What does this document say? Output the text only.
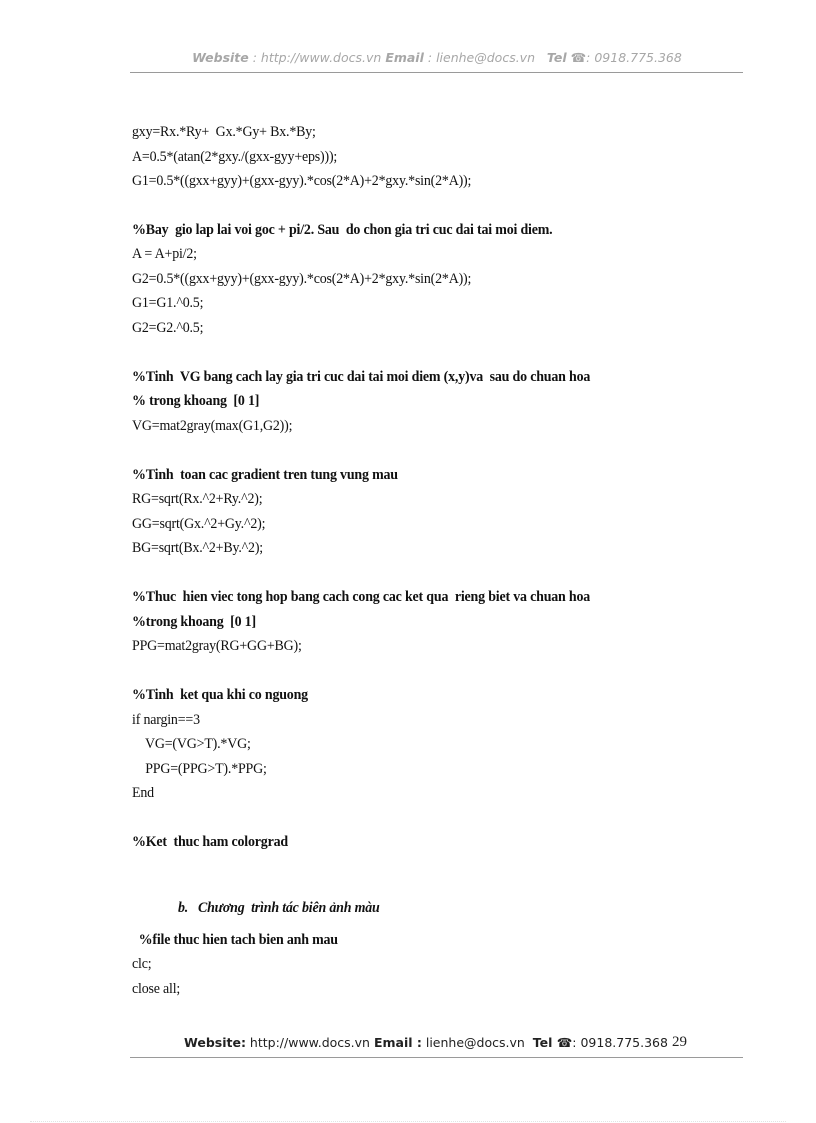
Website : http://www.docs.vn Email : lienhe@docs.vn Tel ☎: 0918.775.368
gxy=Rx.*Ry+  Gx.*Gy+ Bx.*By;
A=0.5*(atan(2*gxy./(gxx-gyy+eps)));
G1=0.5*((gxx+gyy)+(gxx-gyy).*cos(2*A)+2*gxy.*sin(2*A));
%Bay  gio lap lai voi goc + pi/2. Sau  do chon gia tri cuc dai tai moi diem.
A = A+pi/2;
G2=0.5*((gxx+gyy)+(gxx-gyy).*cos(2*A)+2*gxy.*sin(2*A));
G1=G1.^0.5;
G2=G2.^0.5;
%Tinh  VG bang cach lay gia tri cuc dai tai moi diem (x,y)va  sau do chuan hoa
% trong khoang  [0 1]
VG=mat2gray(max(G1,G2));
%Tinh  toan cac gradient tren tung vung mau
RG=sqrt(Rx.^2+Ry.^2);
GG=sqrt(Gx.^2+Gy.^2);
BG=sqrt(Bx.^2+By.^2);
%Thuc  hien viec tong hop bang cach cong cac ket qua  rieng biet va chuan hoa
%trong khoang  [0 1]
PPG=mat2gray(RG+GG+BG);
%Tinh  ket qua khi co nguong
if nargin==3
VG=(VG>T).*VG;
PPG=(PPG>T).*PPG;
End
%Ket  thuc ham colorgrad
b.   Chương  trình tác biên ảnh màu
%file thuc hien tach bien anh mau
clc;
close all;
Website: http://www.docs.vn Email : lienhe@docs.vn  Tel ☎: 0918.775.368 29
